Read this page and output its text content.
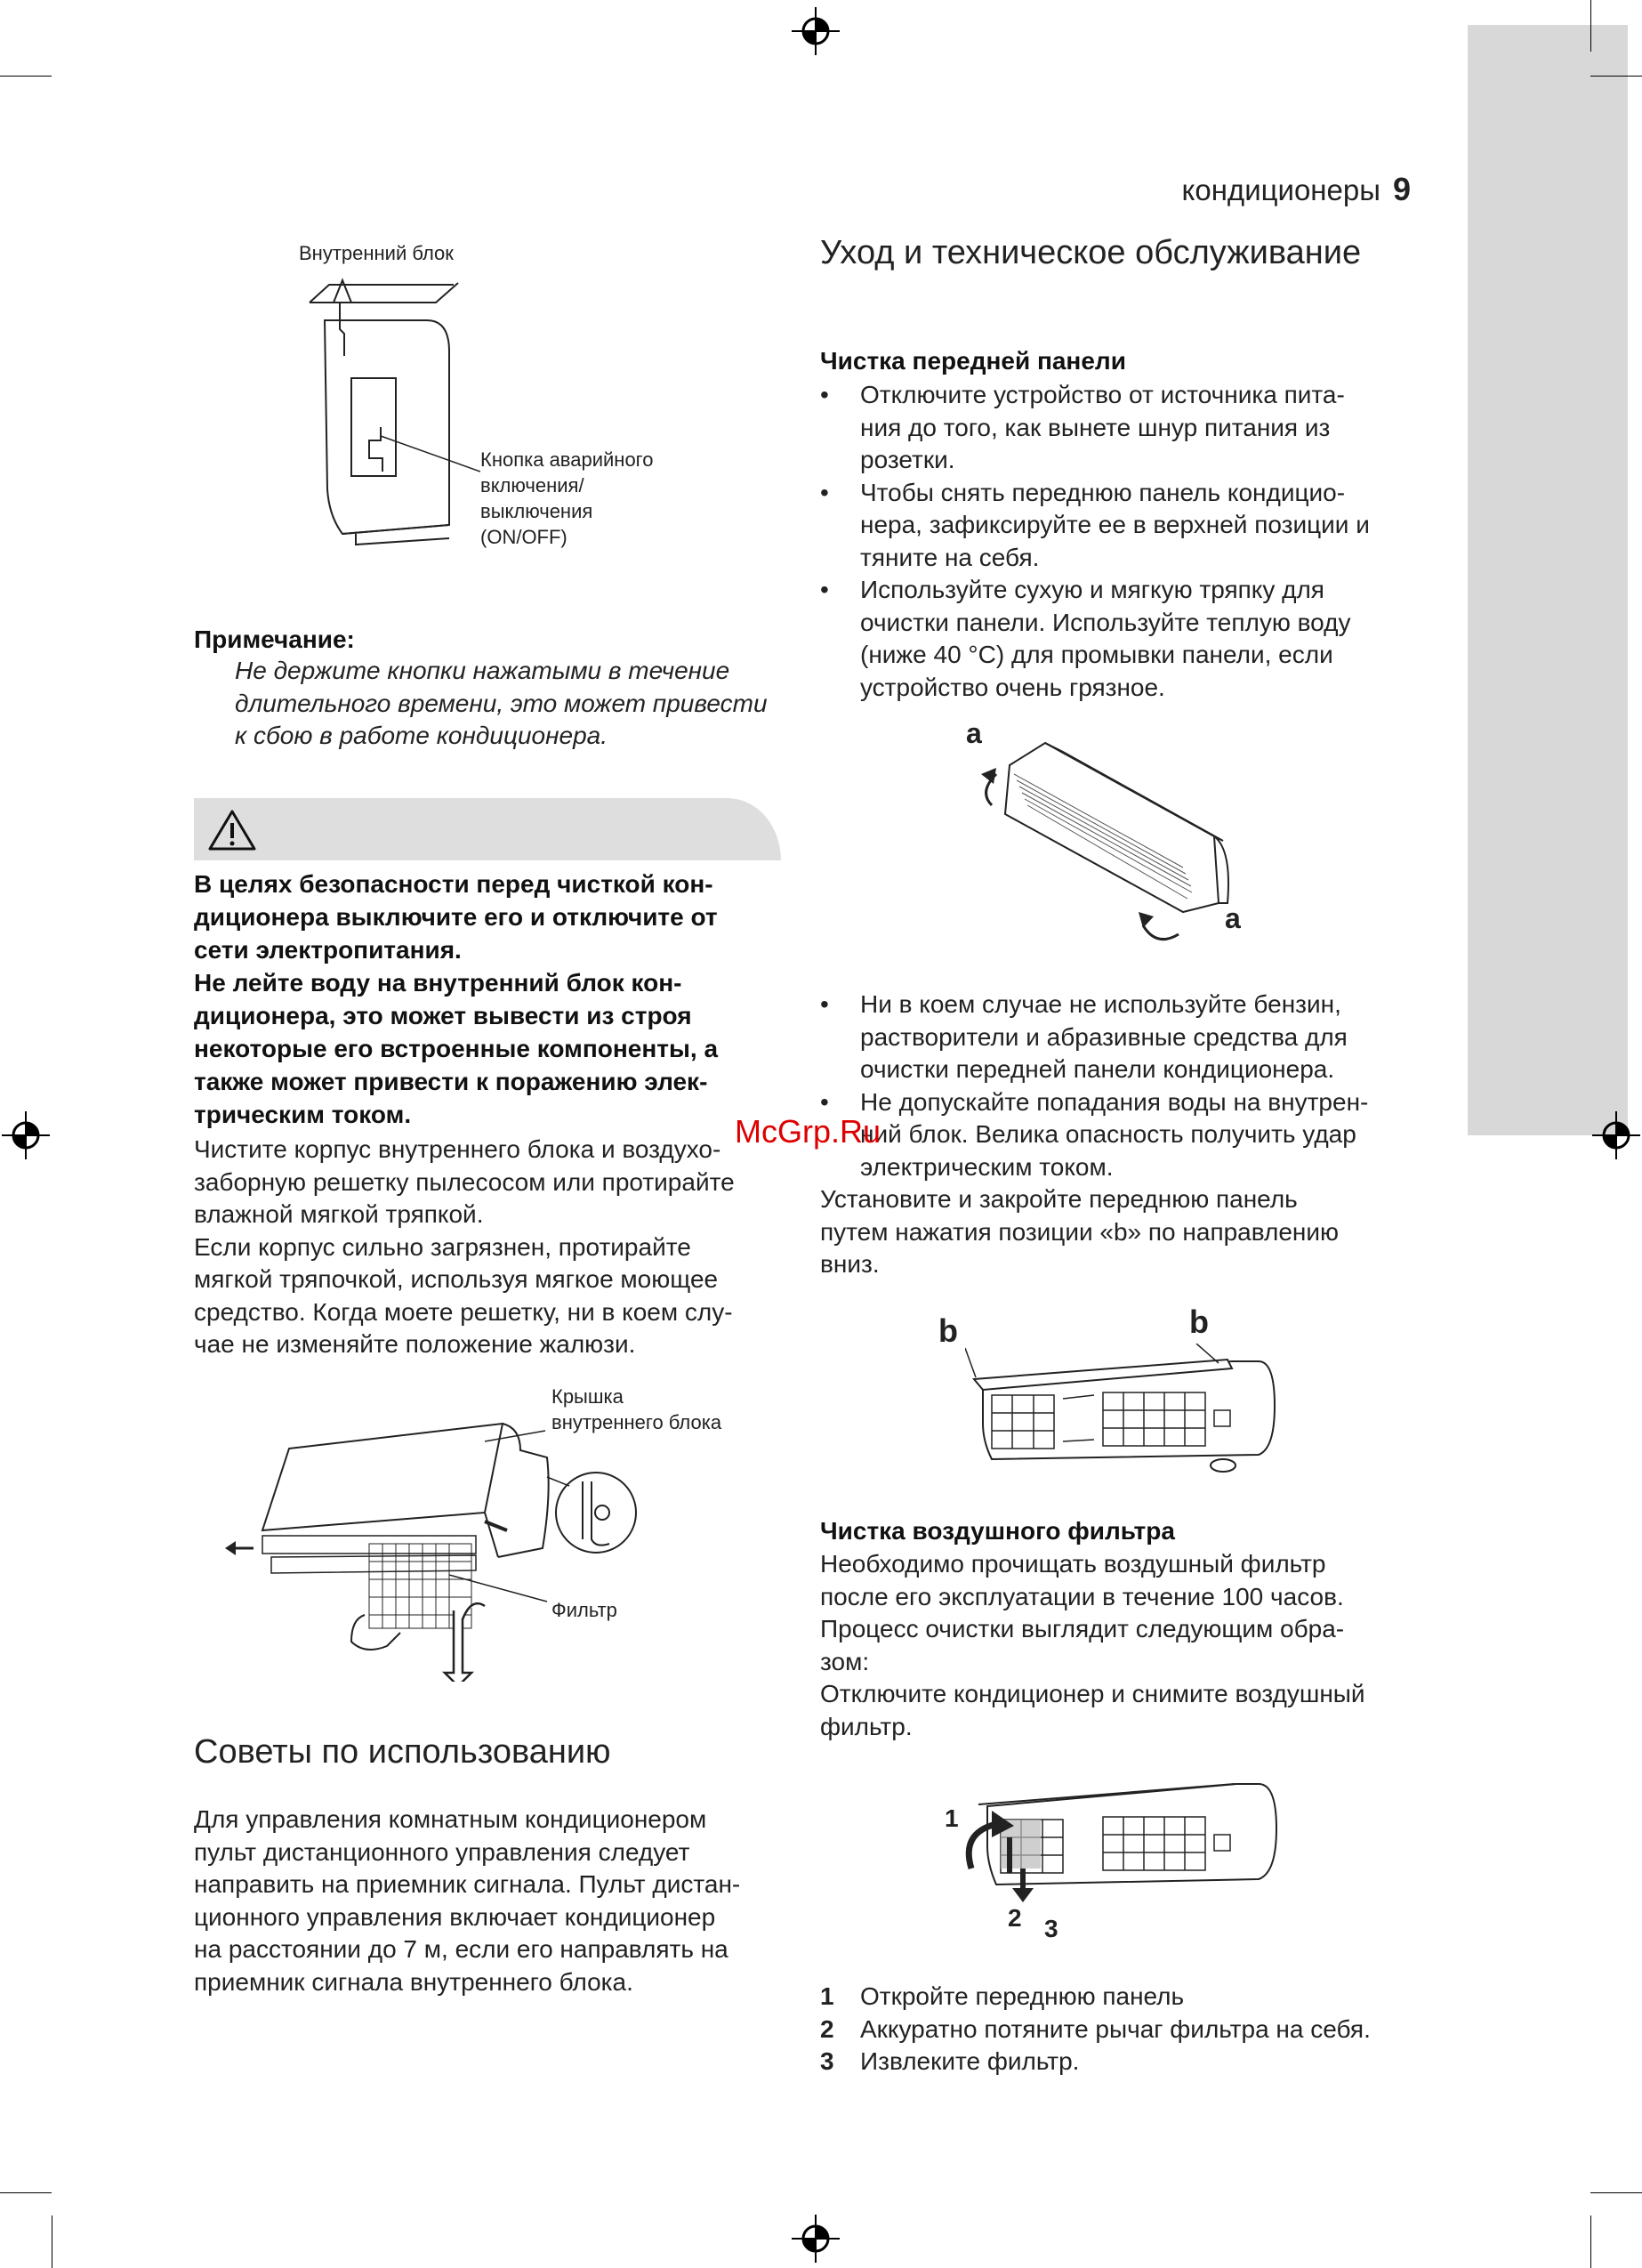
кондиционеры 9
Внутренний блок
Кнопка аварийного
включения/
выключения
(ON/OFF)

Примечание:

Не держите кнопки нажатыми в течение длительного времени, это может привести к сбою в работе кондиционера.

В целях безопасности перед чисткой кон-

диционера выключите его и отключите от

сети электропитания.

Не лейте воду на внутренний блок кон-

диционера, это может вывести из строя

некоторые его встроенные компоненты, а

также может привести к поражению элек-

трическим током.

Чистите корпус внутреннего блока и воздухо-

заборную решетку пылесосом или протирайте

влажной мягкой тряпкой.

Если корпус сильно загрязнен, протирайте

мягкой тряпочкой, используя мягкое моющее

средство. Когда моете решетку, ни в коем слу-

чае не изменяйте положение жалюзи.

Крышка
внутреннего блока
Фильтр
Советы по использованию

Для управления комнатным кондиционером

пульт дистанционного управления следует

направить на приемник сигнала. Пульт дистан-

ционного управления включает кондиционер

на расстоянии до 7 м, если его направлять на

приемник сигнала внутреннего блока.

Уход и техническое обслуживание

Чистка передней панели

• Отключите устройство от источника пита-
ния до того, как вынете шнур питания из
розетки.
• Чтобы снять переднюю панель кондицио-
нера, зафиксируйте ее в верхней позиции и
тяните на себя.
• Используйте сухую и мягкую тряпку для
очистки панели. Используйте теплую воду
(ниже 40 °С) для промывки панели, если
устройство очень грязное.
a
a
• Ни в коем случае не используйте бензин,
растворители и абразивные средства для
очистки передней панели кондиционера.
• Не допускайте попадания воды на внутрен-
ний блок. Велика опасность получить удар
электрическим током.

Установите и закройте переднюю панель

путем нажатия позиции «b» по направлению

вниз.

b	b

Чистка воздушного фильтра

Необходимо прочищать воздушный фильтр

после его эксплуатации в течение 100 часов.

Процесс очистки выглядит следующим обра-

зом:

Отключите кондиционер и снимите воздушный

фильтр.

1
2 3
1 Откройте переднюю панель
2 Аккуратно потяните рычаг фильтра на себя.
3 Извлеките фильтр.
McGrp.Ru
